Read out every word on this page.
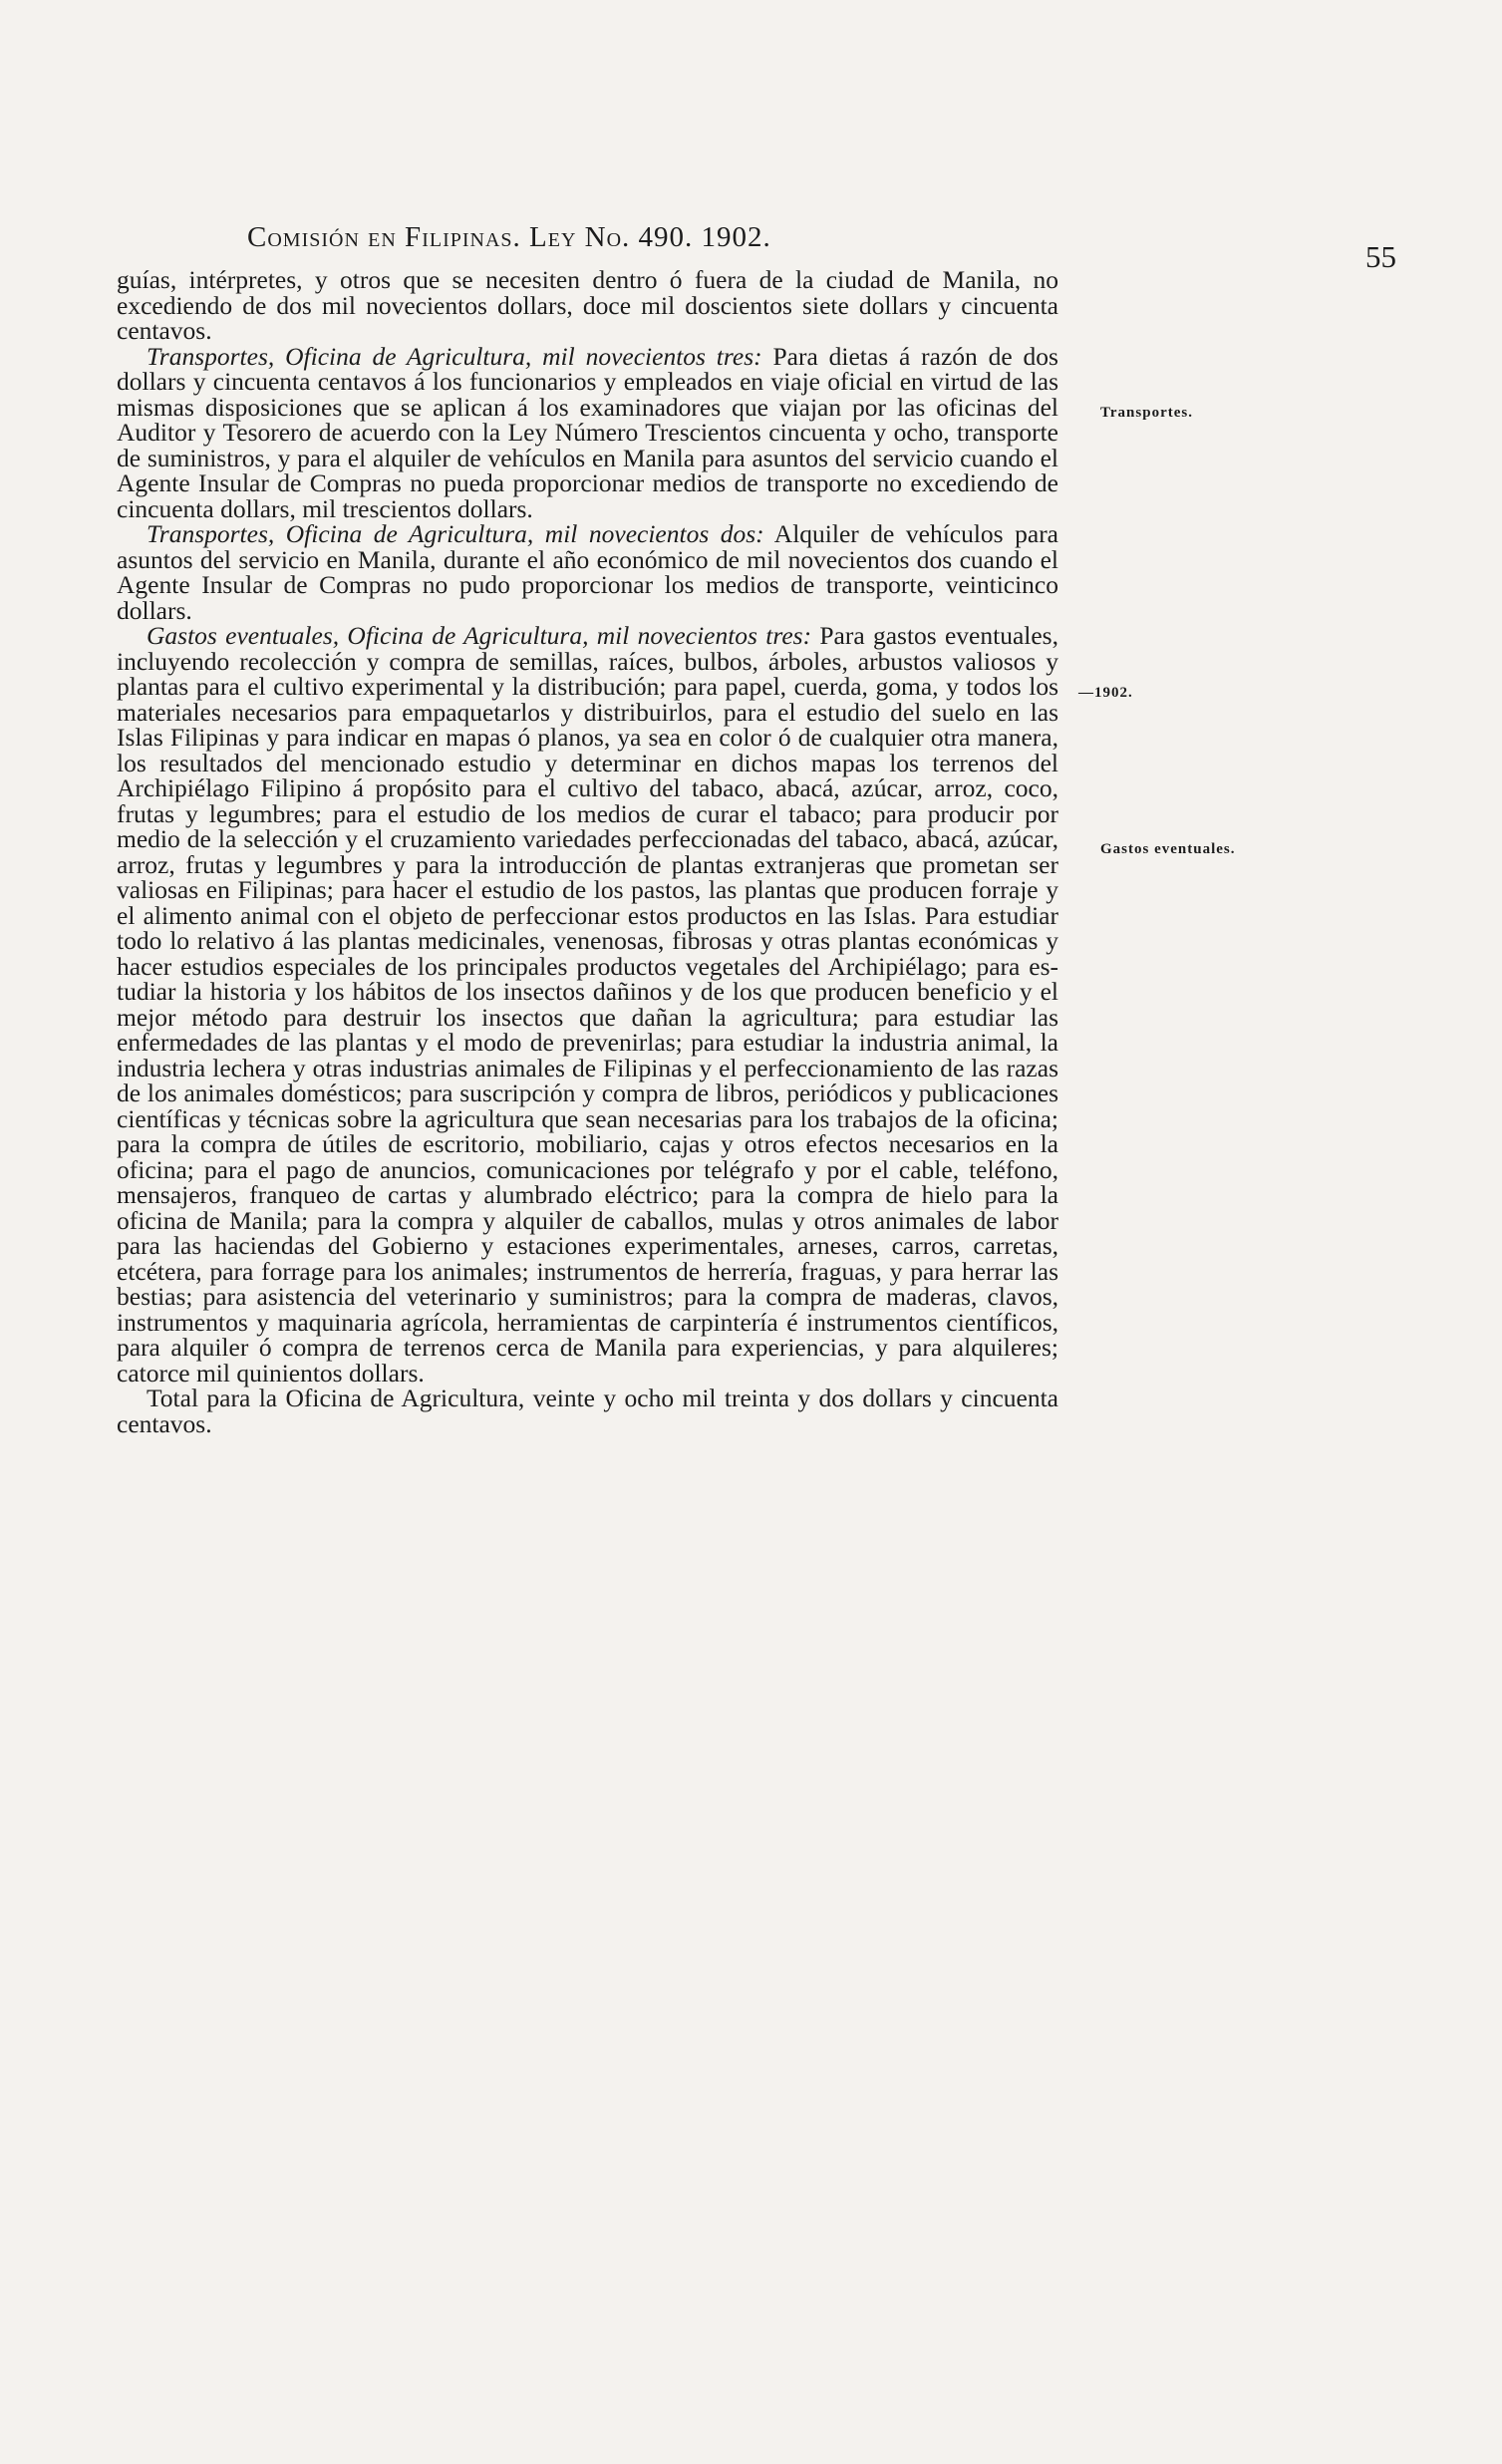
Comisión en Filipinas. Ley No. 490. 1902.
55
Transportes.
—1902.
Gastos eventuales.

guías, intérpretes, y otros que se necesiten dentro ó fuera de la ciudad de Manila, no excediendo de dos mil novecientos dollars, doce mil doscientos siete dollars y cincuenta centavos.

Transportes, Oficina de Agricultura, mil novecientos tres: Para dietas á razón de dos dollars y cincuenta centavos á los funcionarios y empleados en viaje oficial en virtud de las mismas disposiciones que se aplican á los examinadores que viajan por las oficinas del Auditor y Tesorero de acuerdo con la Ley Número Trescientos cincuenta y ocho, transporte de suministros, y para el alquiler de vehículos en Manila para asuntos del servicio cuando el Agente Insular de Compras no pueda proporcionar medios de transporte no excediendo de cincuenta dollars, mil trescientos dollars.

Transportes, Oficina de Agricultura, mil novecientos dos: Alquiler de vehículos para asuntos del servicio en Manila, durante el año económico de mil novecientos dos cuando el Agente Insular de Compras no pudo proporcionar los medios de transporte, veinticinco dollars.

Gastos eventuales, Oficina de Agricultura, mil novecientos tres: Para gastos eventuales, incluyendo recolección y compra de semillas, raíces, bulbos, árboles, arbustos valiosos y plantas para el cultivo experimental y la distribución; para papel, cuerda, goma, y todos los materiales necesarios para empaquetarlos y distribuirlos, para el estudio del suelo en las Islas Filipinas y para indicar en mapas ó planos, ya sea en color ó de cualquier otra manera, los resultados del mencionado estudio y determinar en dichos mapas los terrenos del Archipiélago Filipino á propósito para el cultivo del tabaco, abacá, azúcar, arroz, coco, frutas y legumbres; para el estudio de los medios de curar el tabaco; para producir por medio de la selección y el cruzamiento variedades perfeccionadas del tabaco, abacá, azúcar, arroz, frutas y legumbres y para la introducción de plantas extranjeras que prometan ser valiosas en Filipinas; para hacer el estudio de los pastos, las plantas que producen forraje y el alimento animal con el objeto de perfeccionar estos productos en las Islas. Para estudiar todo lo relativo á las plantas medicinales, venenosas, fibrosas y otras plantas económicas y hacer estudios especiales de los principales productos vegetales del Archipiélago; para estudiar la historia y los hábitos de los insectos dañinos y de los que producen beneficio y el mejor método para destruir los insectos que dañan la agricultura; para estudiar las enfermedades de las plantas y el modo de prevenirlas; para estudiar la industria animal, la industria lechera y otras industrias animales de Filipinas y el perfeccionamiento de las razas de los animales domésticos; para suscripción y compra de libros, periódicos y publicaciones científicas y técnicas sobre la agricultura que sean necesarias para los trabajos de la oficina; para la compra de útiles de escritorio, mobiliario, cajas y otros efectos necesarios en la oficina; para el pago de anuncios, comunicaciones por telégrafo y por el cable, teléfono, mensajeros, franqueo de cartas y alumbrado eléctrico; para la compra de hielo para la oficina de Manila; para la compra y alquiler de caballos, mulas y otros animales de labor para las haciendas del Gobierno y estaciones experimentales, arneses, carros, carretas, etcétera, para forrage para los animales; instrumentos de herrería, fraguas, y para herrar las bestias; para asistencia del veterinario y suministros; para la compra de maderas, clavos, instrumentos y maquinaria agrícola, herramientas de carpintería é instrumentos científicos, para alquiler ó compra de terrenos cerca de Manila para experiencias, y para alquileres; catorce mil quinientos dollars.

Total para la Oficina de Agricultura, veinte y ocho mil treinta y dos dollars y cincuenta centavos.
